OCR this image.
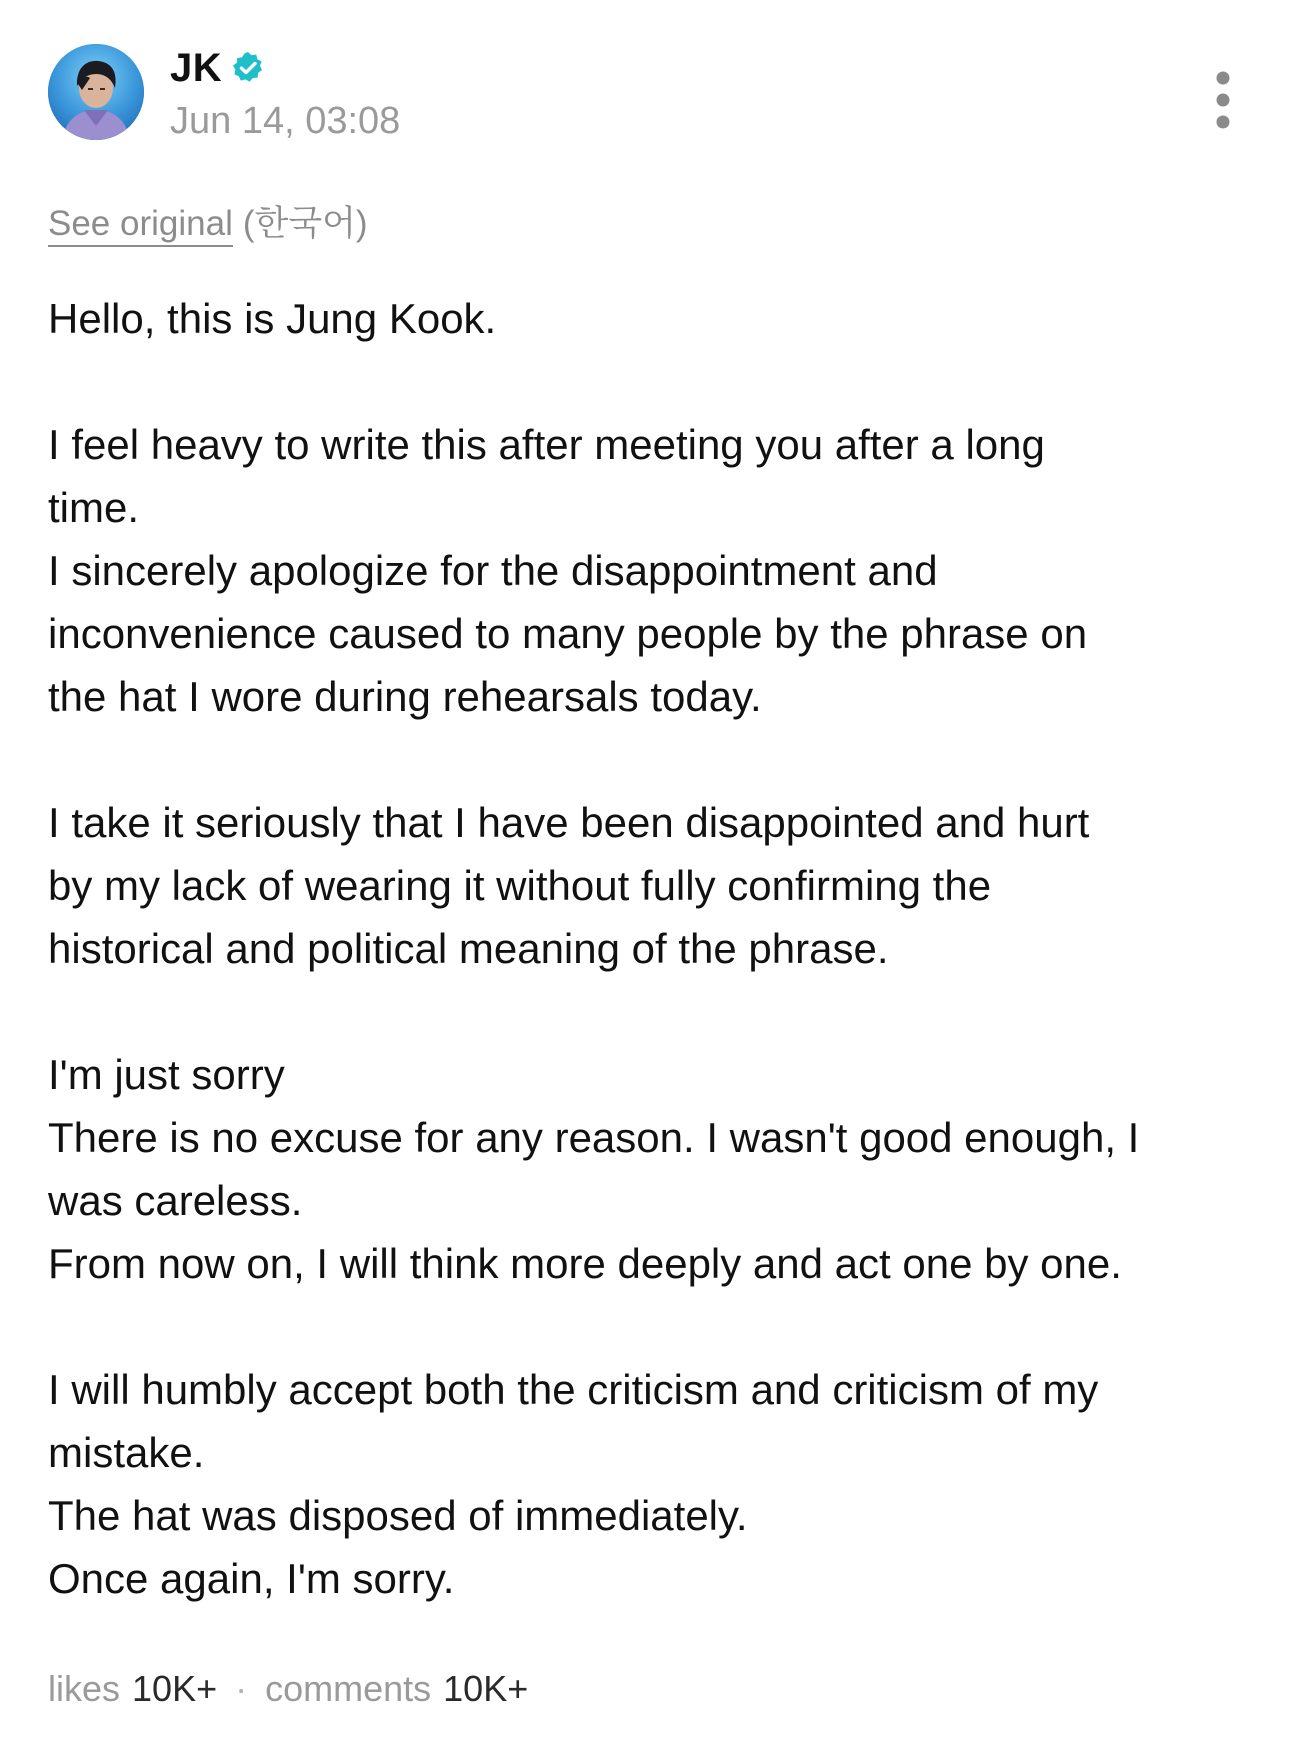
JK
Jun 14, 03:08
See original (한국어)

Hello, this is Jung Kook.

I feel heavy to write this after meeting you after a long

time.

I sincerely apologize for the disappointment and

inconvenience caused to many people by the phrase on

the hat I wore during rehearsals today.

I take it seriously that I have been disappointed and hurt

by my lack of wearing it without fully confirming the

historical and political meaning of the phrase.

I'm just sorry

There is no excuse for any reason. I wasn't good enough, I

was careless.

From now on, I will think more deeply and act one by one.

I will humbly accept both the criticism and criticism of my

mistake.

The hat was disposed of immediately.

Once again, I'm sorry.

likes 10K+ · comments 10K+
